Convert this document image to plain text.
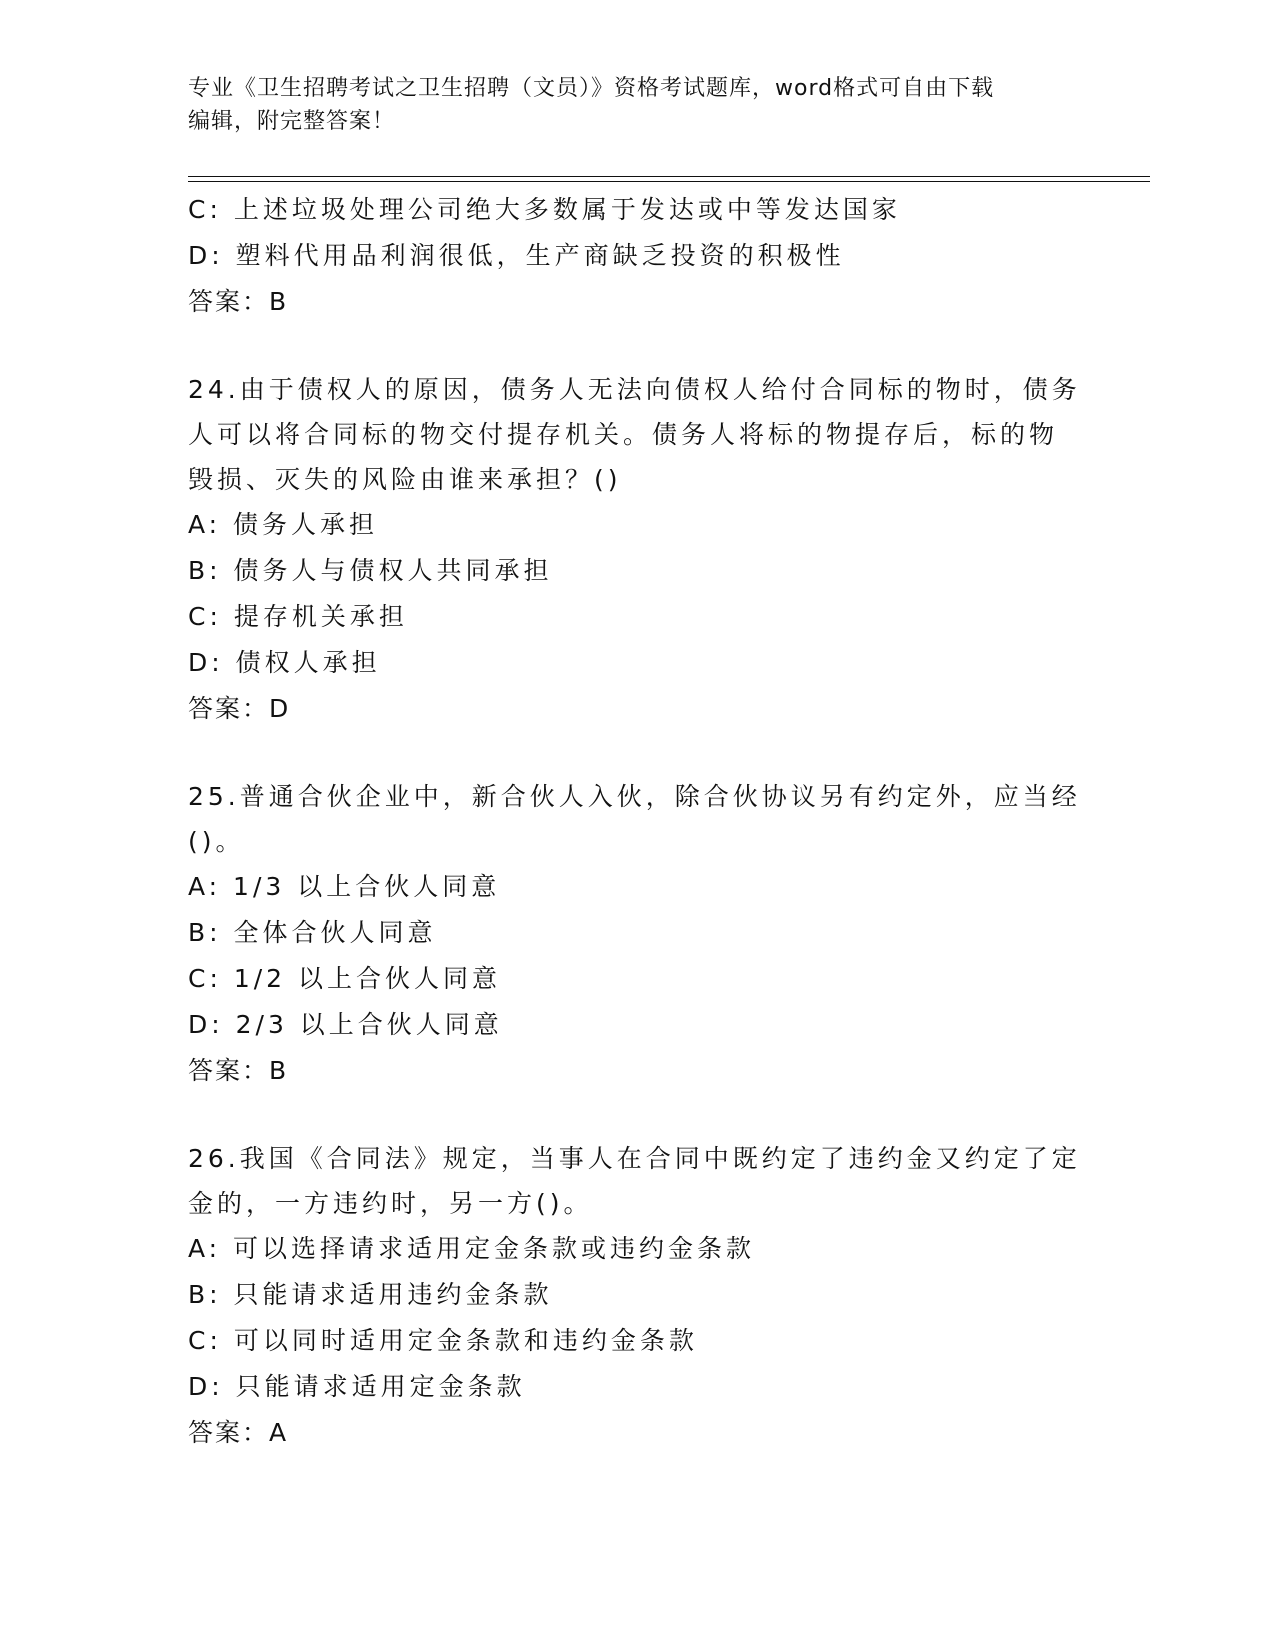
专业《卫生招聘考试之卫生招聘（文员）》资格考试题库，word格式可自由下载
编辑，附完整答案！
C: 上述垃圾处理公司绝大多数属于发达或中等发达国家
D: 塑料代用品利润很低，生产商缺乏投资的积极性
答案：B
24.由于债权人的原因，债务人无法向债权人给付合同标的物时，债务
人可以将合同标的物交付提存机关。债务人将标的物提存后，标的物
毁损、灭失的风险由谁来承担？()
A: 债务人承担
B: 债务人与债权人共同承担
C: 提存机关承担
D: 债权人承担
答案：D
25.普通合伙企业中，新合伙人入伙，除合伙协议另有约定外，应当经
()。
A: 1/3 以上合伙人同意
B: 全体合伙人同意
C: 1/2 以上合伙人同意
D: 2/3 以上合伙人同意
答案：B
26.我国《合同法》规定，当事人在合同中既约定了违约金又约定了定
金的，一方违约时，另一方()。
A: 可以选择请求适用定金条款或违约金条款
B: 只能请求适用违约金条款
C: 可以同时适用定金条款和违约金条款
D: 只能请求适用定金条款
答案：A
